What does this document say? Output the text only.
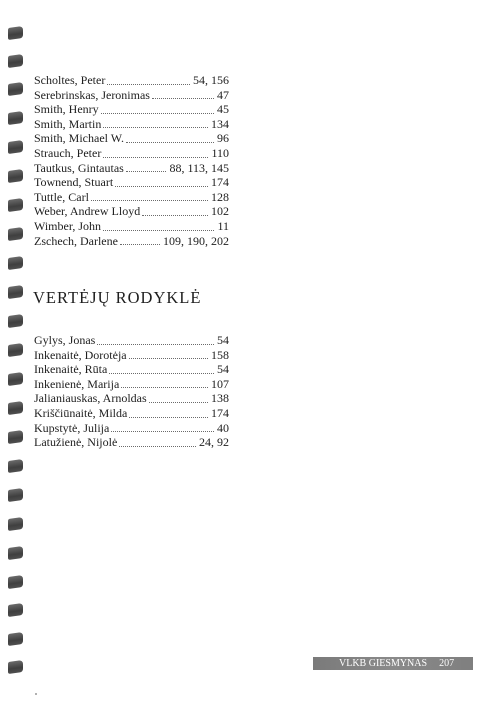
Scholtes, Peter	54, 156
Serebrinskas, Jeronimas	47
Smith, Henry	45
Smith, Martin	134
Smith, Michael W.	96
Strauch, Peter	110
Tautkus, Gintautas	88, 113, 145
Townend, Stuart	174
Tuttle, Carl	128
Weber, Andrew Lloyd	102
Wimber, John	11
Zschech, Darlene	109, 190, 202
VERTĖJŲ RODYKLĖ
Gylys, Jonas	54
Inkenaitė, Dorotėja	158
Inkenaitė, Rūta	54
Inkenienė, Marija	107
Jalianiauskas, Arnoldas	138
Kriščiūnaitė, Milda	174
Kupstytė, Julija	40
Latužienė, Nijolė	24, 92
VLKB GIESMYNAS 207
